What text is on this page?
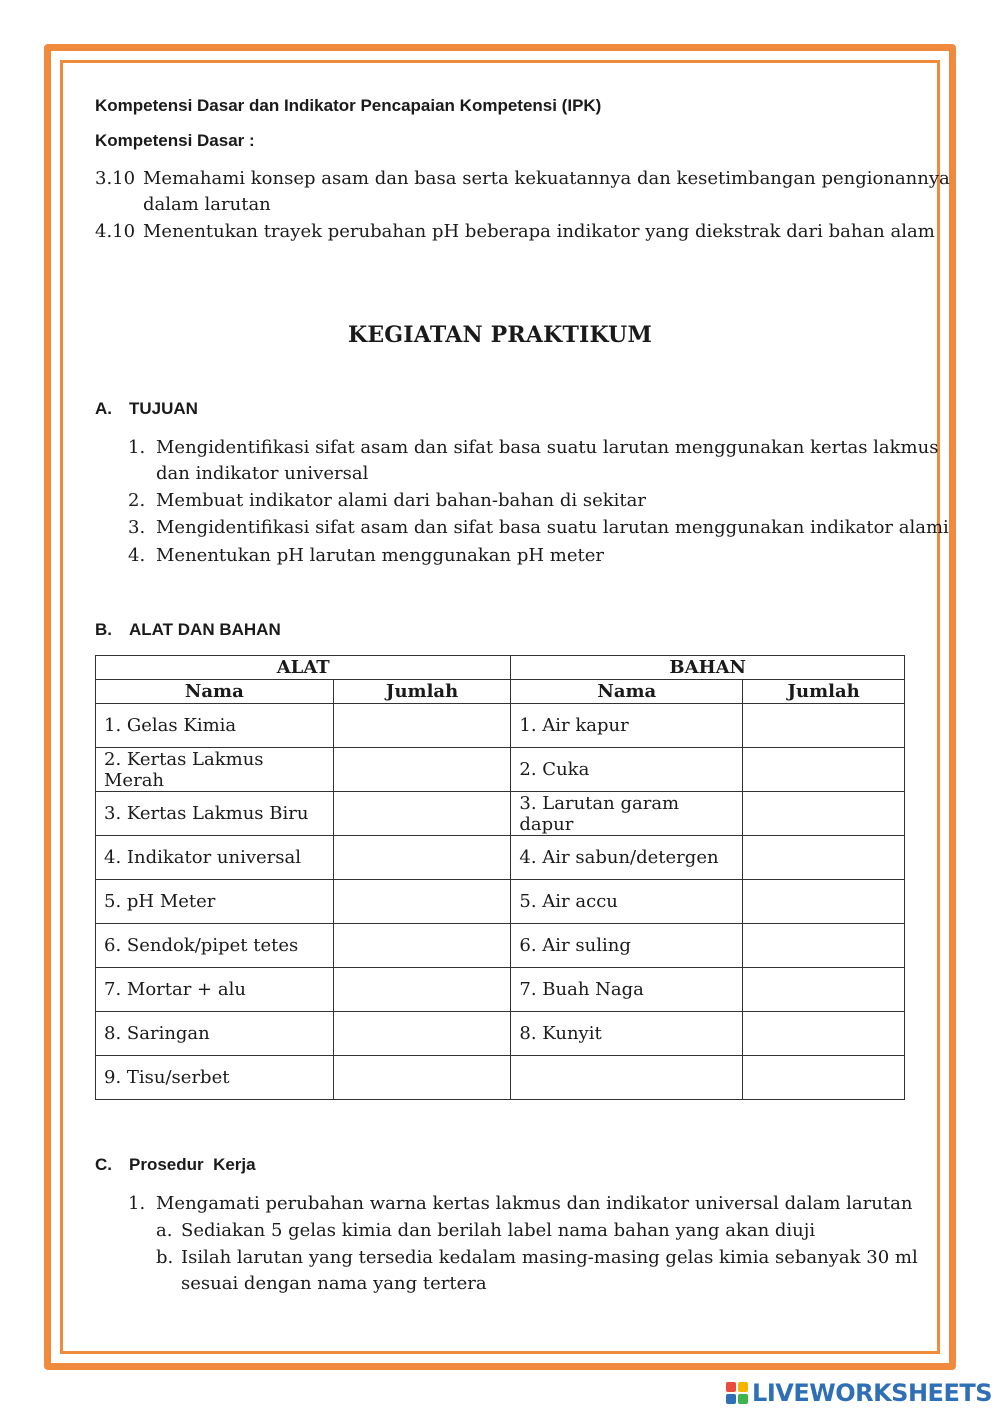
Kompetensi Dasar dan Indikator Pencapaian Kompetensi (IPK)
Kompetensi Dasar :
3.10 Memahami konsep asam dan basa serta kekuatannya dan kesetimbangan pengionannya
dalam larutan
4.10 Menentukan trayek perubahan pH beberapa indikator yang diekstrak dari bahan alam
KEGIATAN PRAKTIKUM
A. TUJUAN
1. Mengidentifikasi sifat asam dan sifat basa suatu larutan menggunakan kertas lakmus
dan indikator universal
2. Membuat indikator alami dari bahan-bahan di sekitar
3. Mengidentifikasi sifat asam dan sifat basa suatu larutan menggunakan indikator alami
4. Menentukan pH larutan menggunakan pH meter
B. ALAT DAN BAHAN
ALAT		BAHAN	
Nama	Jumlah	Nama	Jumlah
1. Gelas Kimia		1. Air kapur	
2. Kertas Lakmus Merah		2. Cuka	
3. Kertas Lakmus Biru		3. Larutan garam dapur	
4. Indikator universal		4. Air sabun/detergen	
5. pH Meter		5. Air accu	
6. Sendok/pipet tetes		6. Air suling	
7. Mortar + alu		7. Buah Naga	
8. Saringan		8. Kunyit	
9. Tisu/serbet			
C. Prosedur  Kerja
1. Mengamati perubahan warna kertas lakmus dan indikator universal dalam larutan
a. Sediakan 5 gelas kimia dan berilah label nama bahan yang akan diuji
b. Isilah larutan yang tersedia kedalam masing-masing gelas kimia sebanyak 30 ml
sesuai dengan nama yang tertera
LIVEWORKSHEETS
